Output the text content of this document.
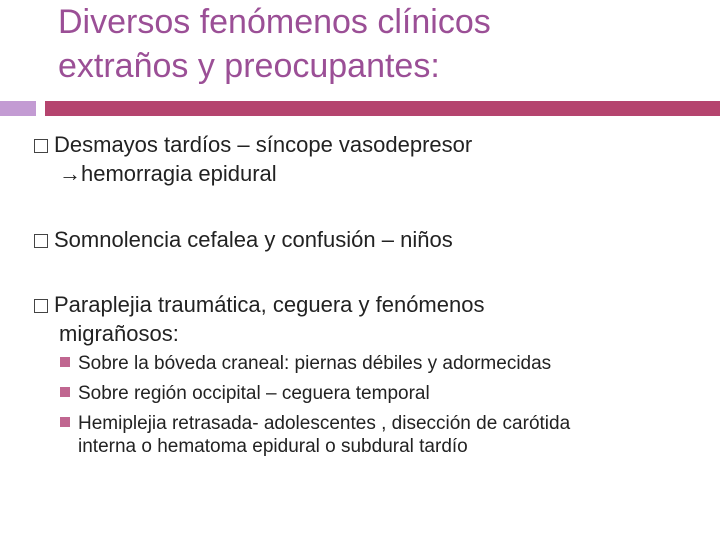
Diversos fenómenos clínicos
extraños y preocupantes:
Desmayos tardíos – síncope vasodepresor
→hemorragia epidural
Somnolencia cefalea y confusión – niños
Paraplejia traumática, ceguera y fenómenos
migrañosos:
Sobre la bóveda craneal: piernas débiles y adormecidas
Sobre región occipital – ceguera temporal
Hemiplejia retrasada- adolescentes , disección de carótida
interna o hematoma epidural o subdural tardío
